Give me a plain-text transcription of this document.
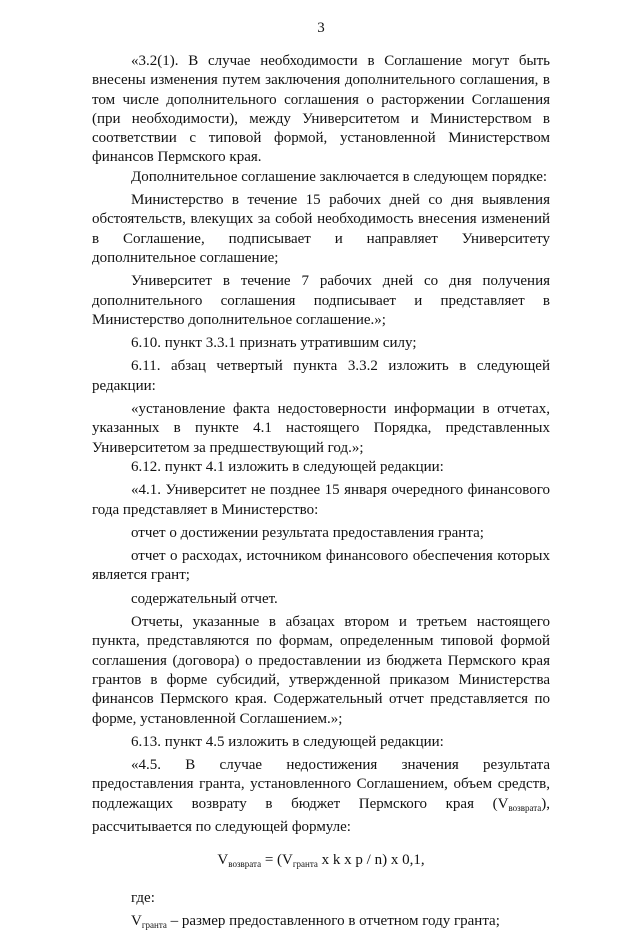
3

«3.2(1). В случае необходимости в Соглашение могут быть внесены изменения путем заключения дополнительного соглашения, в том числе дополнительного соглашения о расторжении Соглашения (при необходимости), между Университетом и Министерством в соответствии с типовой формой, установленной Министерством финансов Пермского края.

Дополнительное соглашение заключается в следующем порядке:

Министерство в течение 15 рабочих дней со дня выявления обстоятельств, влекущих за собой необходимость внесения изменений в Соглашение, подписывает и направляет Университету дополнительное соглашение;

Университет в течение 7 рабочих дней со дня получения дополнительного соглашения подписывает и представляет в Министерство дополнительное соглашение.»;

6.10. пункт 3.3.1 признать утратившим силу;

6.11. абзац четвертый пункта 3.3.2 изложить в следующей редакции:

«установление факта недостоверности информации в отчетах, указанных в пункте 4.1 настоящего Порядка, представленных Университетом за предшествующий год.»;

6.12. пункт 4.1 изложить в следующей редакции:

«4.1. Университет не позднее 15 января очередного финансового года представляет в Министерство:

отчет о достижении результата предоставления гранта;

отчет о расходах, источником финансового обеспечения которых является грант;

содержательный отчет.

Отчеты, указанные в абзацах втором и третьем настоящего пункта, представляются по формам, определенным типовой формой соглашения (договора) о предоставлении из бюджета Пермского края грантов в форме субсидий, утвержденной приказом Министерства финансов Пермского края. Содержательный отчет представляется по форме, установленной Соглашением.»;

6.13. пункт 4.5 изложить в следующей редакции:

«4.5. В случае недостижения значения результата предоставления гранта, установленного Соглашением, объем средств, подлежащих возврату в бюджет Пермского края $(V_{возврата})$, рассчитывается по следующей формуле:

$V_{возврата} = (V_{гранта}$ x k x p / n) x 0,1,

где:

$V_{гранта}$ – размер предоставленного в отчетном году гранта;
